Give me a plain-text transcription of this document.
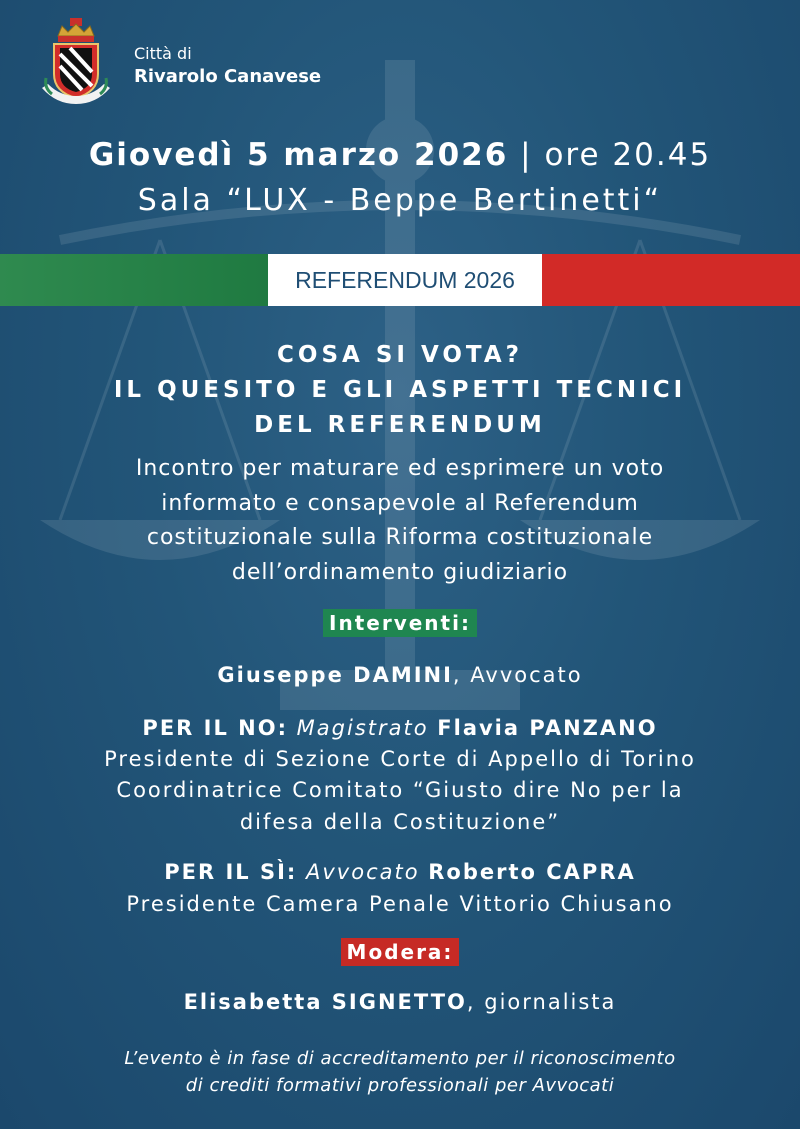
Città di
Rivarolo Canavese
Giovedì 5 marzo 2026 | ore 20.45
Sala “LUX - Beppe Bertinetti“
REFERENDUM 2026
COSA SI VOTA?
IL QUESITO E GLI ASPETTI TECNICI
DEL REFERENDUM
Incontro per maturare ed esprimere un voto
informato e consapevole al Referendum
costituzionale sulla Riforma costituzionale
dell’ordinamento giudiziario
Interventi:
Giuseppe DAMINI, Avvocato
PER IL NO: Magistrato Flavia PANZANO
Presidente di Sezione Corte di Appello di Torino
Coordinatrice Comitato “Giusto dire No per la
difesa della Costituzione”
PER IL SÌ: Avvocato Roberto CAPRA
Presidente Camera Penale Vittorio Chiusano
Modera:
Elisabetta SIGNETTO, giornalista
L’evento è in fase di accreditamento per il riconoscimento
di crediti formativi professionali per Avvocati
